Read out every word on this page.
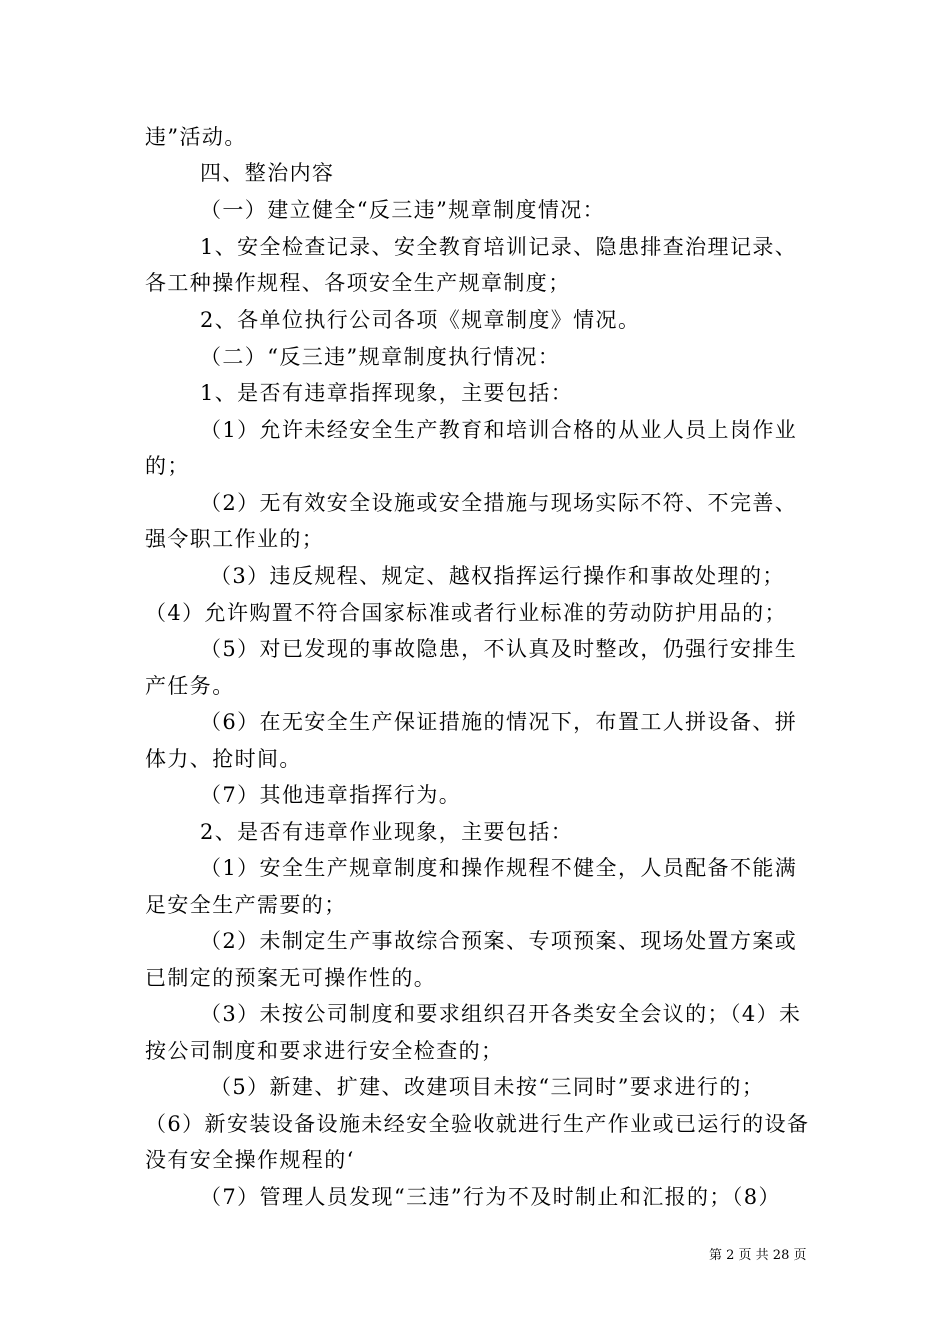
违”活动。
四、整治内容
（一）建立健全“反三违”规章制度情况：
1、安全检查记录、安全教育培训记录、隐患排查治理记录、
各工种操作规程、各项安全生产规章制度；
2、各单位执行公司各项《规章制度》情况。
（二）“反三违”规章制度执行情况：
1、是否有违章指挥现象，主要包括：
（1）允许未经安全生产教育和培训合格的从业人员上岗作业
的；
（2）无有效安全设施或安全措施与现场实际不符、不完善、
强令职工作业的；
（3）违反规程、规定、越权指挥运行操作和事故处理的；
（4）允许购置不符合国家标准或者行业标准的劳动防护用品的；
（5）对已发现的事故隐患，不认真及时整改，仍强行安排生
产任务。
（6）在无安全生产保证措施的情况下，布置工人拼设备、拼
体力、抢时间。
（7）其他违章指挥行为。
2、是否有违章作业现象，主要包括：
（1）安全生产规章制度和操作规程不健全，人员配备不能满
足安全生产需要的；
（2）未制定生产事故综合预案、专项预案、现场处置方案或
已制定的预案无可操作性的。
（3）未按公司制度和要求组织召开各类安全会议的；（4）未
按公司制度和要求进行安全检查的；
（5）新建、扩建、改建项目未按“三同时”要求进行的；
（6）新安装设备设施未经安全验收就进行生产作业或已运行的设备
没有安全操作规程的‘
（7）管理人员发现“三违”行为不及时制止和汇报的；（8）
第 2 页 共 28 页
